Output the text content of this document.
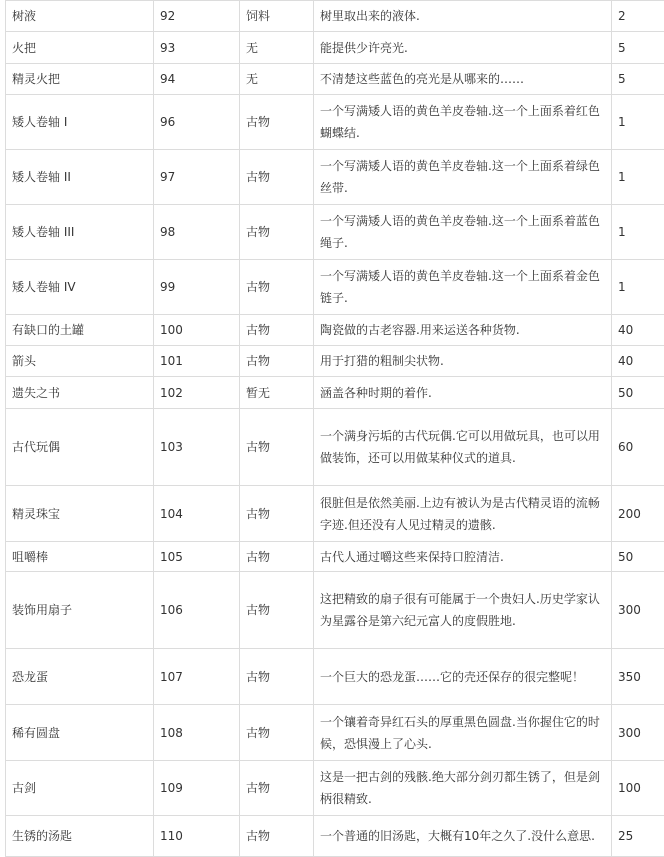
树液	92	饲料	树里取出来的液体.	2
火把	93	无	能提供少许亮光.	5
精灵火把	94	无	不清楚这些蓝色的亮光是从哪来的……	5
矮人卷轴 I	96	古物	一个写满矮人语的黄色羊皮卷轴.这一个上面系着红色蝴蝶结.	1
矮人卷轴 II	97	古物	一个写满矮人语的黄色羊皮卷轴.这一个上面系着绿色丝带.	1
矮人卷轴 III	98	古物	一个写满矮人语的黄色羊皮卷轴.这一个上面系着蓝色绳子.	1
矮人卷轴 IV	99	古物	一个写满矮人语的黄色羊皮卷轴.这一个上面系着金色链子.	1
有缺口的土罐	100	古物	陶瓷做的古老容器.用来运送各种货物.	40
箭头	101	古物	用于打猎的粗制尖状物.	40
遗失之书	102	暂无	涵盖各种时期的着作.	50
古代玩偶	103	古物	一个满身污垢的古代玩偶.它可以用做玩具，也可以用做装饰，还可以用做某种仪式的道具.	60
精灵珠宝	104	古物	很脏但是依然美丽.上边有被认为是古代精灵语的流畅字迹.但还没有人见过精灵的遗骸.	200
咀嚼棒	105	古物	古代人通过嚼这些来保持口腔清洁.	50
装饰用扇子	106	古物	这把精致的扇子很有可能属于一个贵妇人.历史学家认为星露谷是第六纪元富人的度假胜地.	300
恐龙蛋	107	古物	一个巨大的恐龙蛋……它的壳还保存的很完整呢！	350
稀有圆盘	108	古物	一个镶着奇异红石头的厚重黑色圆盘.当你握住它的时候，恐惧漫上了心头.	300
古剑	109	古物	这是一把古剑的残骸.绝大部分剑刃都生锈了，但是剑柄很精致.	100
生锈的汤匙	110	古物	一个普通的旧汤匙，大概有10年之久了.没什么意思.	25
